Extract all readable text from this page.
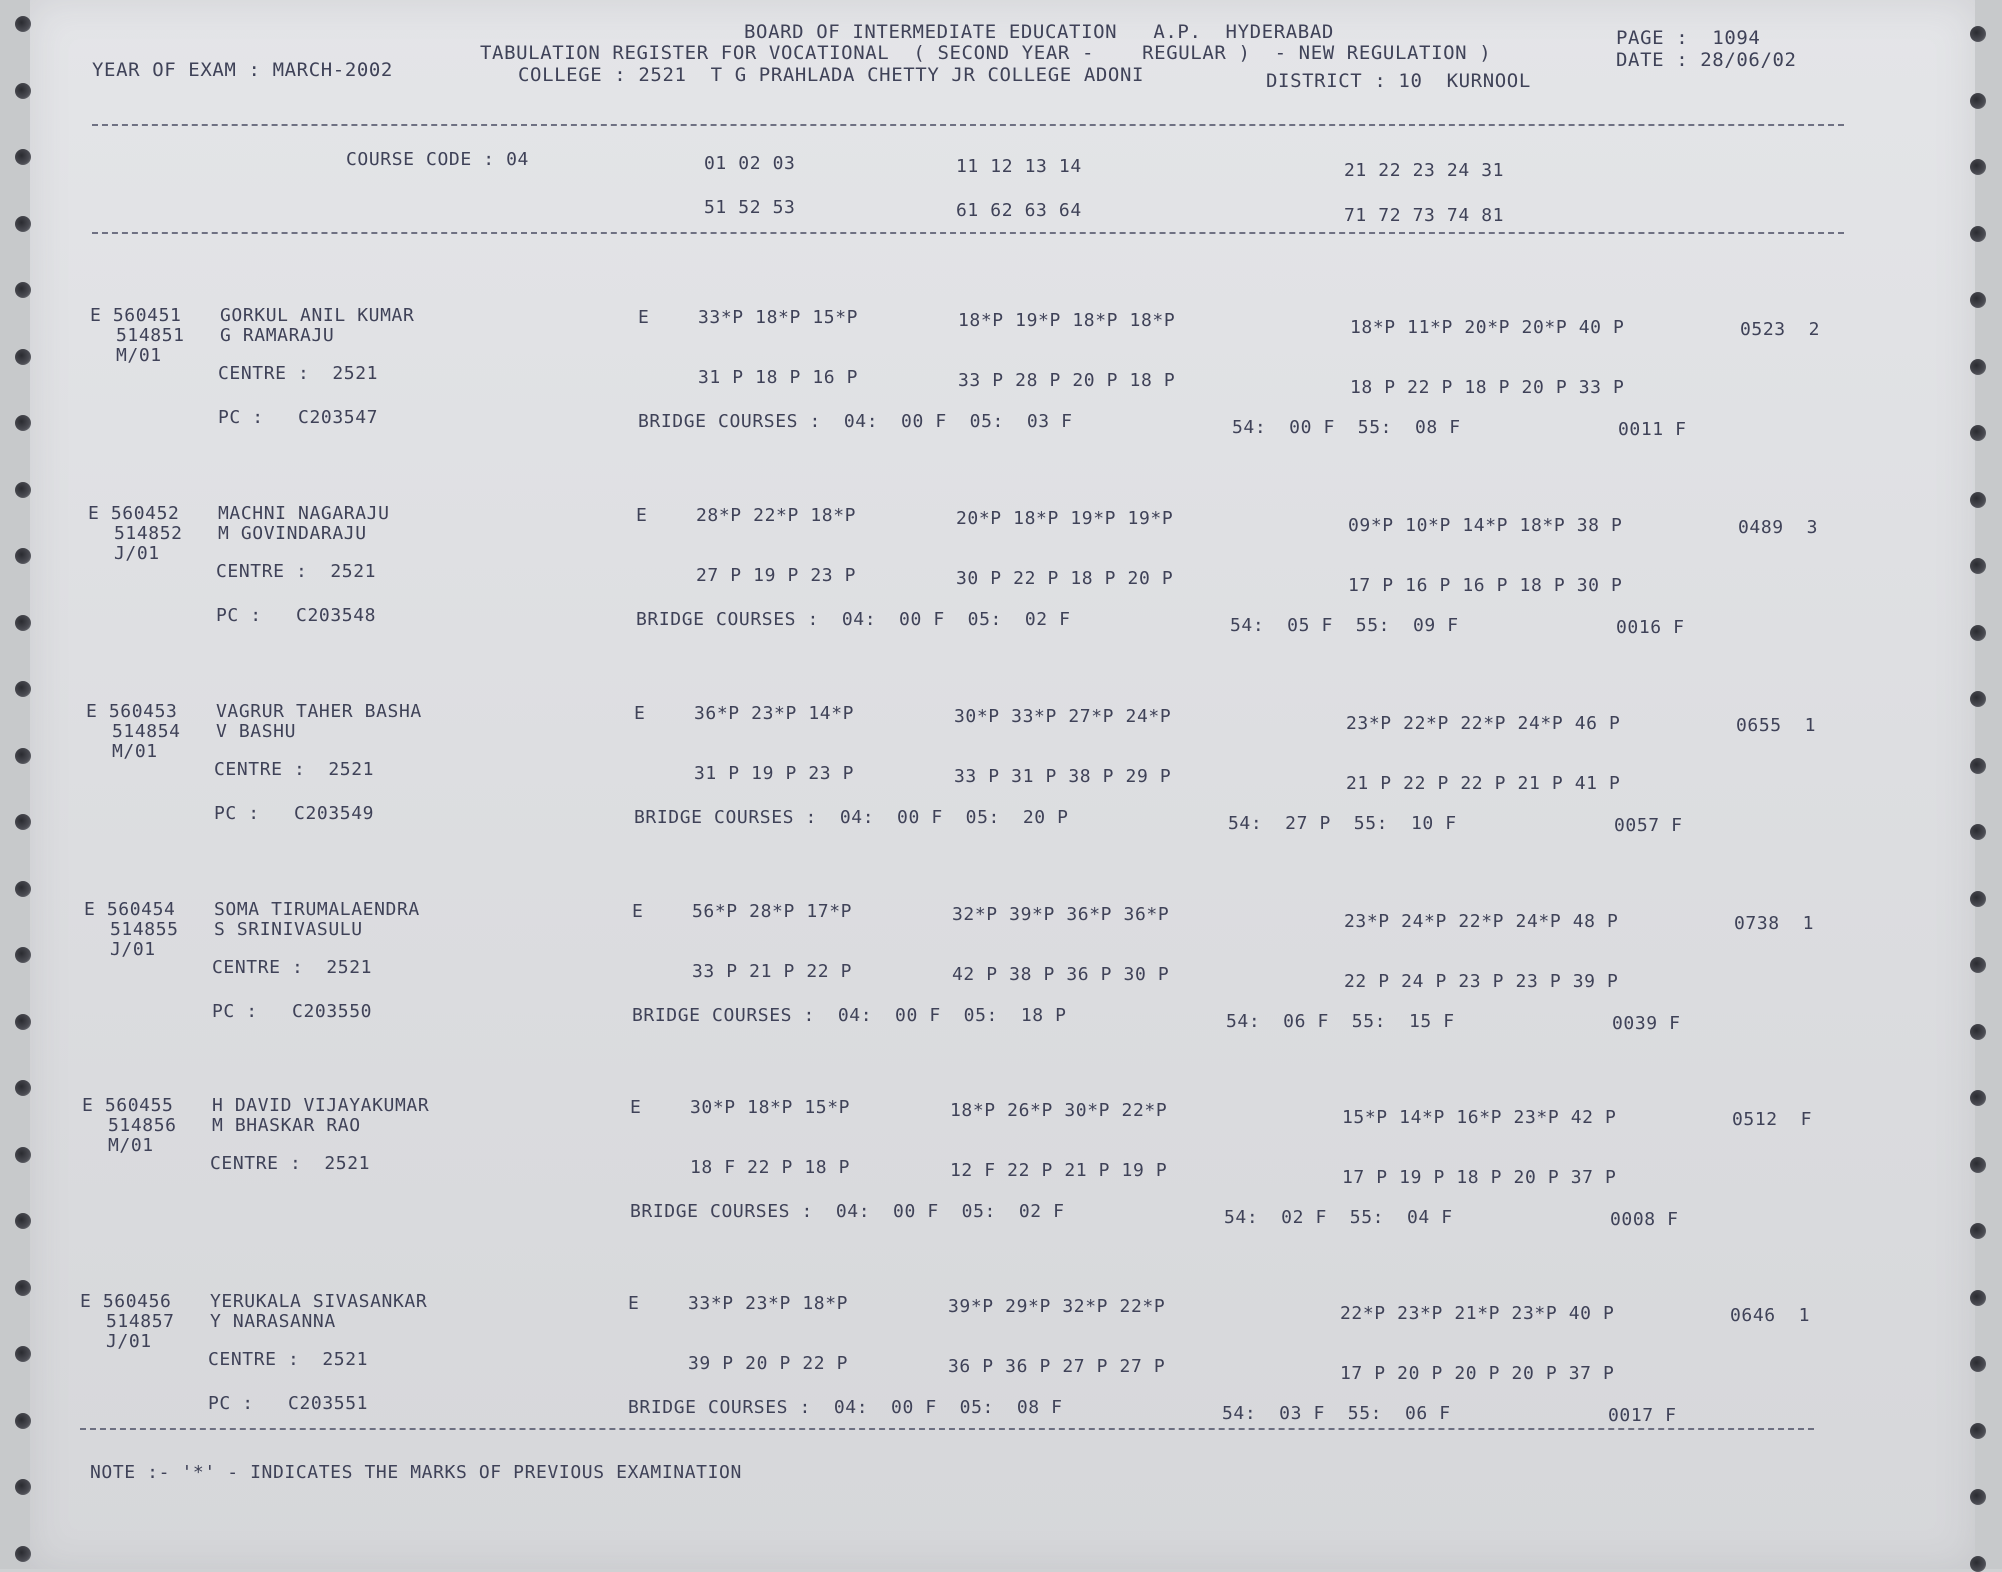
BOARD OF INTERMEDIATE EDUCATION   A.P.  HYDERABAD
TABULATION REGISTER FOR VOCATIONAL  ( SECOND YEAR -    REGULAR )  - NEW REGULATION )
COLLEGE : 2521  T G PRAHLADA CHETTY JR COLLEGE ADONI	DISTRICT : 10  KURNOOL
YEAR OF EXAM : MARCH-2002
PAGE :  1094
DATE : 28/06/02
COURSE CODE : 04	01 02 03	11 12 13 14	21 22 23 24 31
51 52 53	61 62 63 64	71 72 73 74 81
E 560451 GORKUL ANIL KUMAR
514851 G RAMARAJU
M/01
CENTRE :  2521
PC :   C203547
E	33*P 18*P 15*P	18*P 19*P 18*P 18*P	18*P 11*P 20*P 20*P 40 P	0523  2
31 P 18 P 16 P	33 P 28 P 20 P 18 P	18 P 22 P 18 P 20 P 33 P
BRIDGE COURSES :  04:  00 F  05:  03 F	54:  00 F  55:  08 F	0011 F
E 560452 MACHNI NAGARAJU
514852 M GOVINDARAJU
J/01
CENTRE :  2521
PC :   C203548
E	28*P 22*P 18*P	20*P 18*P 19*P 19*P	09*P 10*P 14*P 18*P 38 P	0489  3
27 P 19 P 23 P	30 P 22 P 18 P 20 P	17 P 16 P 16 P 18 P 30 P
BRIDGE COURSES :  04:  00 F  05:  02 F	54:  05 F  55:  09 F	0016 F
E 560453 VAGRUR TAHER BASHA
514854 V BASHU
M/01
CENTRE :  2521
PC :   C203549
E	36*P 23*P 14*P	30*P 33*P 27*P 24*P	23*P 22*P 22*P 24*P 46 P	0655  1
31 P 19 P 23 P	33 P 31 P 38 P 29 P	21 P 22 P 22 P 21 P 41 P
BRIDGE COURSES :  04:  00 F  05:  20 P	54:  27 P  55:  10 F	0057 F
E 560454 SOMA TIRUMALAENDRA
514855 S SRINIVASULU
J/01
CENTRE :  2521
PC :   C203550
E	56*P 28*P 17*P	32*P 39*P 36*P 36*P	23*P 24*P 22*P 24*P 48 P	0738  1
33 P 21 P 22 P	42 P 38 P 36 P 30 P	22 P 24 P 23 P 23 P 39 P
BRIDGE COURSES :  04:  00 F  05:  18 P	54:  06 F  55:  15 F	0039 F
E 560455 H DAVID VIJAYAKUMAR
514856 M BHASKAR RAO
M/01
CENTRE :  2521
E	30*P 18*P 15*P	18*P 26*P 30*P 22*P	15*P 14*P 16*P 23*P 42 P	0512  F
18 F 22 P 18 P	12 F 22 P 21 P 19 P	17 P 19 P 18 P 20 P 37 P
BRIDGE COURSES :  04:  00 F  05:  02 F	54:  02 F  55:  04 F	0008 F
E 560456 YERUKALA SIVASANKAR
514857 Y NARASANNA
J/01
CENTRE :  2521
PC :   C203551
E	33*P 23*P 18*P	39*P 29*P 32*P 22*P	22*P 23*P 21*P 23*P 40 P	0646  1
39 P 20 P 22 P	36 P 36 P 27 P 27 P	17 P 20 P 20 P 20 P 37 P
BRIDGE COURSES :  04:  00 F  05:  08 F	54:  03 F  55:  06 F	0017 F
NOTE :- '*' - INDICATES THE MARKS OF PREVIOUS EXAMINATION
